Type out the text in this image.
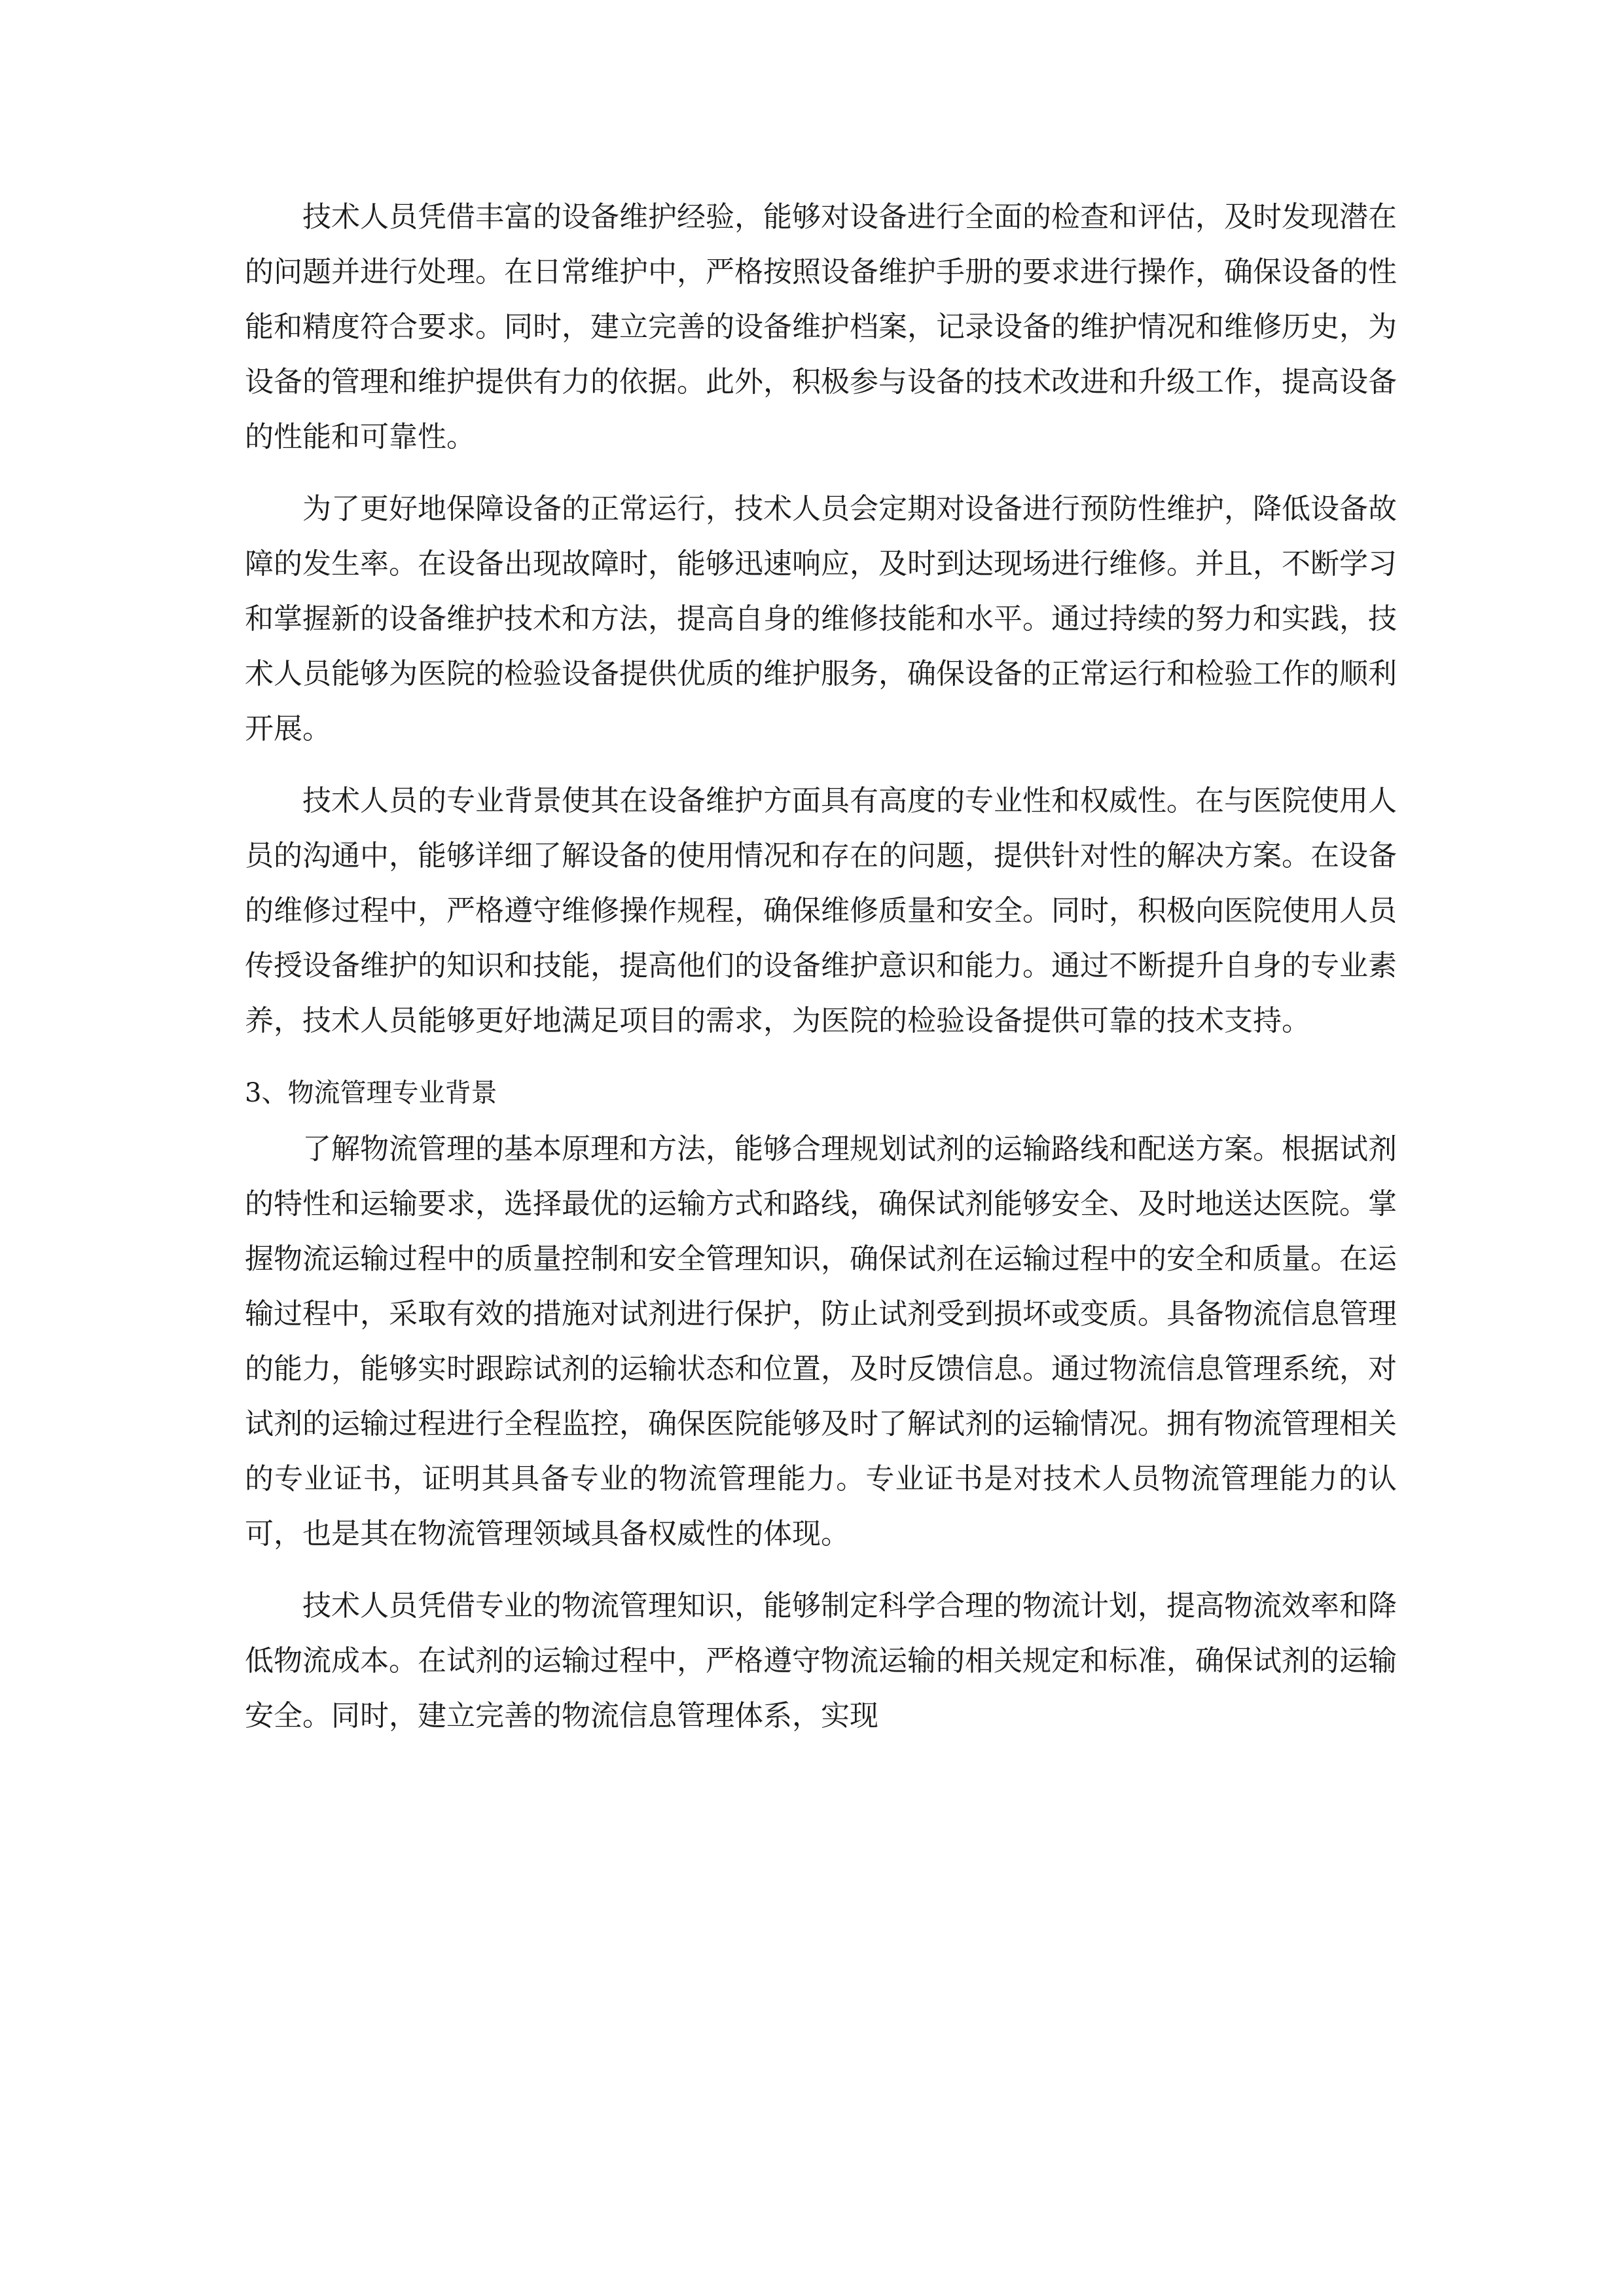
技术人员凭借丰富的设备维护经验，能够对设备进行全面的检查和评估，及时发现潜在的问题并进行处理。在日常维护中，严格按照设备维护手册的要求进行操作，确保设备的性能和精度符合要求。同时，建立完善的设备维护档案，记录设备的维护情况和维修历史，为设备的管理和维护提供有力的依据。此外，积极参与设备的技术改进和升级工作，提高设备的性能和可靠性。

为了更好地保障设备的正常运行，技术人员会定期对设备进行预防性维护，降低设备故障的发生率。在设备出现故障时，能够迅速响应，及时到达现场进行维修。并且，不断学习和掌握新的设备维护技术和方法，提高自身的维修技能和水平。通过持续的努力和实践，技术人员能够为医院的检验设备提供优质的维护服务，确保设备的正常运行和检验工作的顺利开展。

技术人员的专业背景使其在设备维护方面具有高度的专业性和权威性。在与医院使用人员的沟通中，能够详细了解设备的使用情况和存在的问题，提供针对性的解决方案。在设备的维修过程中，严格遵守维修操作规程，确保维修质量和安全。同时，积极向医院使用人员传授设备维护的知识和技能，提高他们的设备维护意识和能力。通过不断提升自身的专业素养，技术人员能够更好地满足项目的需求，为医院的检验设备提供可靠的技术支持。

3、物流管理专业背景

了解物流管理的基本原理和方法，能够合理规划试剂的运输路线和配送方案。根据试剂的特性和运输要求，选择最优的运输方式和路线，确保试剂能够安全、及时地送达医院。掌握物流运输过程中的质量控制和安全管理知识，确保试剂在运输过程中的安全和质量。在运输过程中，采取有效的措施对试剂进行保护，防止试剂受到损坏或变质。具备物流信息管理的能力，能够实时跟踪试剂的运输状态和位置，及时反馈信息。通过物流信息管理系统，对试剂的运输过程进行全程监控，确保医院能够及时了解试剂的运输情况。拥有物流管理相关的专业证书，证明其具备专业的物流管理能力。专业证书是对技术人员物流管理能力的认可，也是其在物流管理领域具备权威性的体现。

技术人员凭借专业的物流管理知识，能够制定科学合理的物流计划，提高物流效率和降低物流成本。在试剂的运输过程中，严格遵守物流运输的相关规定和标准，确保试剂的运输安全。同时，建立完善的物流信息管理体系，实现
